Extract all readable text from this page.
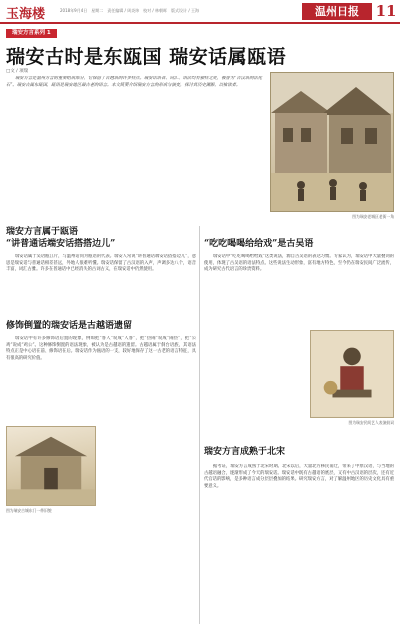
玉海楼	2018年9月4日　星期二　责任编辑 / 周炎炜　校对 / 林朝晖　版式设计 / 王海	温州日报	11
瑞安方言系列 1
瑞安古时是东瓯国 瑞安话属瓯语
□文 / 项瑞

瑞安方言是温州方言的重要组成部分，它保留了古越语的许多特点。瑞安话语音、词汇、语法均有独特之处，被誉为“古汉语的活化石”。瑞安古属东瓯国，瓯语是瑞安地区最古老的语言。本文简要介绍瑞安方言的形成与演变，探讨其历史渊源，以飨读者。

图为瑞安老城区老街一角
瑞安方言属于瓯语
“讲普通话端安话搭搭边儿”

瑞安话属于吴语瓯江片，与温州话同为瓯语的代表。瑞安人常说“讲普通话端安话搭搭边儿”，意思是瑞安话与普通话相差甚远，外地人很难听懂。瑞安话保留了古汉语的入声，声调多达八个，语音丰富，词汇古雅。许多在普通话中已经消失的古词古义，在瑞安话中仍然使用。

“吃吃喝喝给给戏”是古吴语

瑞安话中“吃吃喝喝给给戏”这类说法，源自古吴语的表达习惯。专家认为，瑞安话中大量叠词的使用，体现了古吴语的语法特点。这些说法生动形象，富有地方特色，至今仍在瑞安民间广泛流传，成为研究古代语言的珍贵资料。

修饰倒置的瑞安话是古越语遗留

瑞安话中有许多修饰语后置的现象，例如把“客人”说成“人客”，把“热闹”说成“闹热”，把“公鸡”说成“鸡公”。这种修饰倒置的语法现象，被认为是古越语的遗留。古越语属于侗台语族，其语法特点正是中心语在前、修饰语在后。瑞安话作为瓯语的一支，较好地保存了这一古老的语言特征，具有很高的研究价值。

图为瑞安古城东门一带旧貌
图为瑞安民间艺人表演鼓词
瑞安方言成熟于北宋

据考证，瑞安方言成熟于北宋时期。北宋以后，大量北方移民南迁，带来了中原汉语，与当地的古越语融合，逐渐形成了今天的瑞安话。瑞安话中既有古越语的底层，又有中古汉语的层次，还有近代官话的影响，是多种语言成分层层叠加的结果。研究瑞安方言，对了解温州地区的历史文化具有重要意义。
